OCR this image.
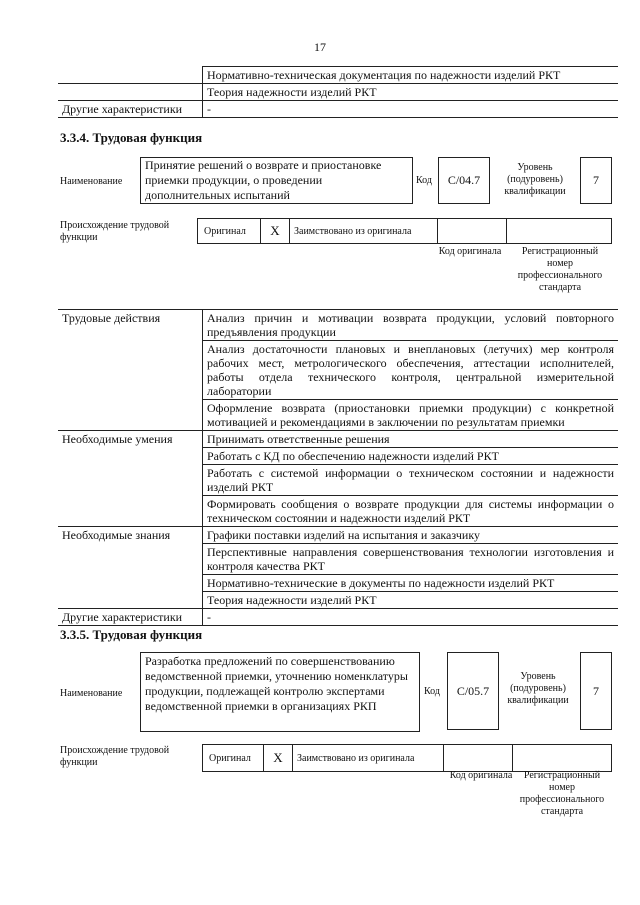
17
	Нормативно-техническая документация по надежности изделий РКТ
	Теория надежности изделий РКТ
Другие характеристики	-
3.3.4. Трудовая функция
Наименование
Принятие решений о возврате и приостановке приемки продукции, о проведении дополнительных испытаний
Код С/04.7
Уровень (подуровень) квалификации
7
Происхождение трудовой функции
Оригинал	X	Заимствовано из оригинала
Код оригинала	Регистрационный номер профессионального стандарта
Трудовые действия	Анализ причин и мотивации возврата продукции, условий повторного предъявления продукции
	Анализ достаточности плановых и внеплановых (летучих) мер контроля рабочих мест, метрологического обеспечения, аттестации исполнителей, работы отдела технического контроля, центральной измерительной лаборатории
	Оформление возврата (приостановки приемки продукции) с конкретной мотивацией и рекомендациями в заключении по результатам приемки
Необходимые умения	Принимать ответственные решения
	Работать с КД по обеспечению надежности изделий РКТ
	Работать с системой информации о техническом состоянии и надежности изделий РКТ
	Формировать сообщения о возврате продукции для системы информации о техническом состоянии и надежности изделий РКТ
Необходимые знания	Графики поставки изделий на испытания и заказчику
	Перспективные направления совершенствования технологии изготовления и контроля качества РКТ
	Нормативно-технические в документы по надежности изделий РКТ
	Теория надежности изделий РКТ
Другие характеристики	-
3.3.5. Трудовая функция
Наименование
Разработка предложений по совершенствованию ведомственной приемки, уточнению номенклатуры продукции, подлежащей контролю экспертами ведомственной приемки в организациях РКП
Код С/05.7
Уровень (подуровень) квалификации
7
Происхождение трудовой функции	Оригинал	X	Заимствовано из оригинала
Код оригинала	Регистрационный номер профессионального стандарта
